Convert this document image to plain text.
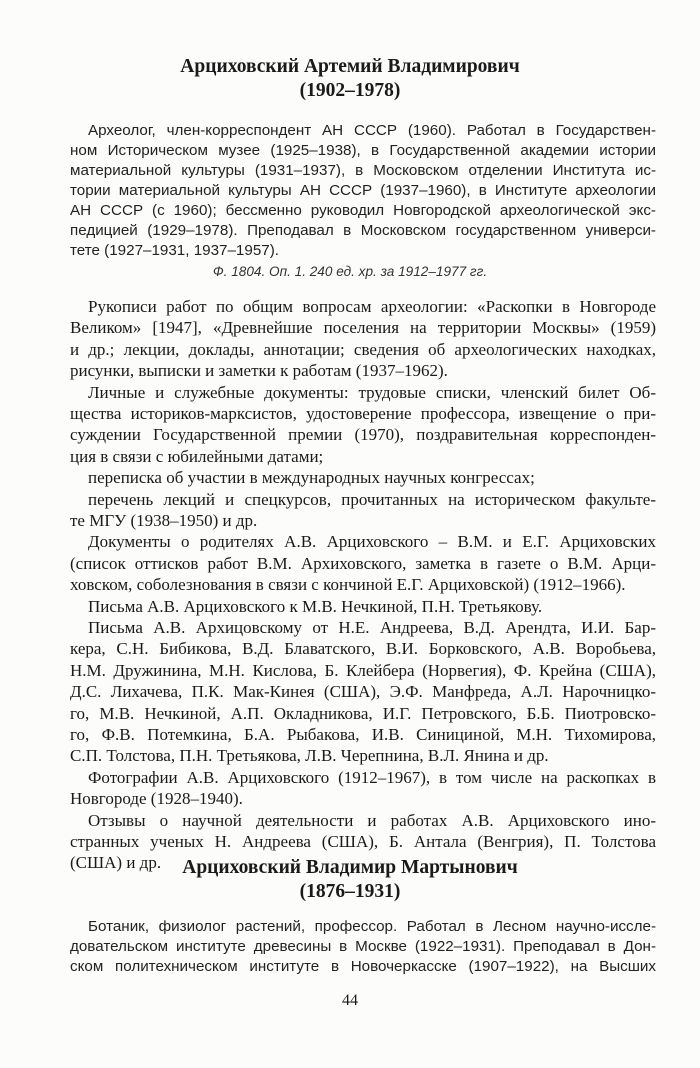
Арциховский Артемий Владимирович
(1902–1978)
Археолог, член-корреспондент АН СССР (1960). Работал в Государствен-
ном Историческом музее (1925–1938), в Государственной академии истории
материальной культуры (1931–1937), в Московском отделении Института ис-
тории материальной культуры АН СССР (1937–1960), в Институте археологии
АН СССР (с 1960); бессменно руководил Новгородской археологической экс-
педицией (1929–1978). Преподавал в Московском государственном универси-
тете (1927–1931, 1937–1957).
Ф. 1804. Оп. 1. 240 ед. хр. за 1912–1977 гг.
Рукописи работ по общим вопросам археологии: «Раскопки в Новгороде
Великом» [1947], «Древнейшие поселения на территории Москвы» (1959)
и др.; лекции, доклады, аннотации; сведения об археологических находках,
рисунки, выписки и заметки к работам (1937–1962).
Личные и служебные документы: трудовые списки, членский билет Об-
щества историков-марксистов, удостоверение профессора, извещение о при-
суждении Государственной премии (1970), поздравительная корреспонден-
ция в связи с юбилейными датами;
переписка об участии в международных научных конгрессах;
перечень лекций и спецкурсов, прочитанных на историческом факульте-
те МГУ (1938–1950) и др.
Документы о родителях А.В. Арциховского – В.М. и Е.Г. Арциховских
(список оттисков работ В.М. Архиховского, заметка в газете о В.М. Арци-
ховском, соболезнования в связи с кончиной Е.Г. Арциховской) (1912–1966).
Письма А.В. Арциховского к М.В. Нечкиной, П.Н. Третьякову.
Письма А.В. Архицовскому от Н.Е. Андреева, В.Д. Арендта, И.И. Бар-
кера, С.Н. Бибикова, В.Д. Блаватского, В.И. Борковского, А.В. Воробьева,
Н.М. Дружинина, М.Н. Кислова, Б. Клейбера (Норвегия), Ф. Крейна (США),
Д.С. Лихачева, П.К. Мак-Кинея (США), Э.Ф. Манфреда, А.Л. Нарочницко-
го, М.В. Нечкиной, А.П. Окладникова, И.Г. Петровского, Б.Б. Пиотровско-
го, Ф.В. Потемкина, Б.А. Рыбакова, И.В. Синициной, М.Н. Тихомирова,
С.П. Толстова, П.Н. Третьякова, Л.В. Черепнина, В.Л. Янина и др.
Фотографии А.В. Арциховского (1912–1967), в том числе на раскопках в
Новгороде (1928–1940).
Отзывы о научной деятельности и работах А.В. Арциховского ино-
странных ученых Н. Андреева (США), Б. Антала (Венгрия), П. Толстова
(США) и др.	Арциховский Владимир Мартынович
(1876–1931)
Ботаник, физиолог растений, профессор. Работал в Лесном научно-иссле-
довательском институте древесины в Москве (1922–1931). Преподавал в Дон-
ском политехническом институте в Новочеркасске (1907–1922), на Высших
44
